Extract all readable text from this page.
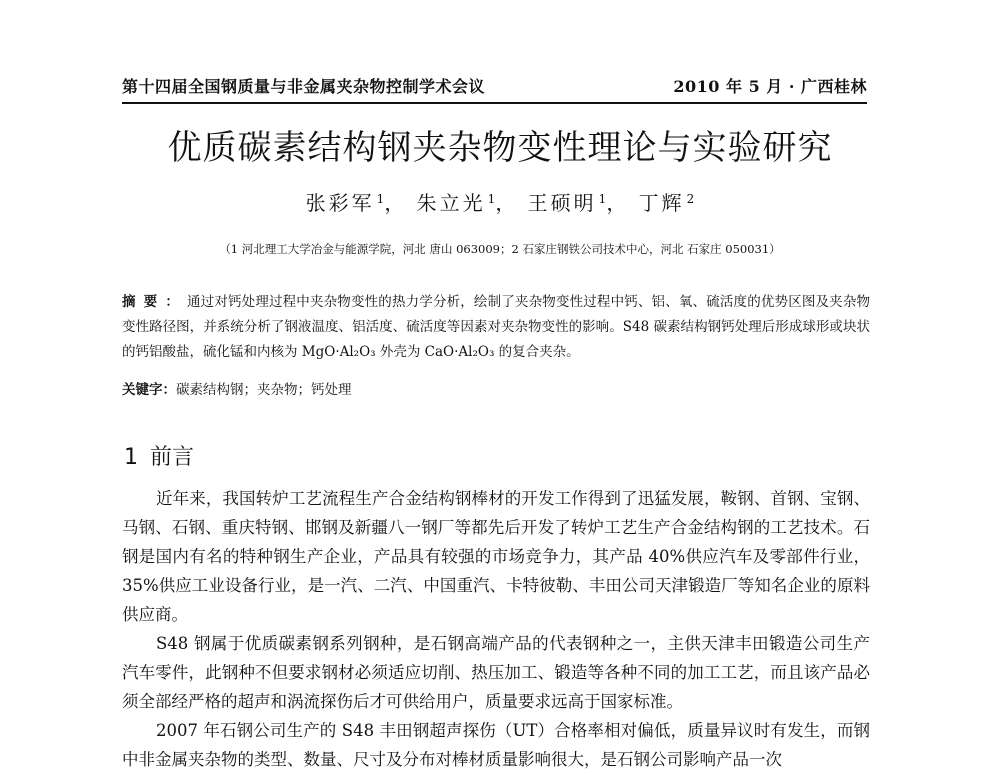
第十四届全国钢质量与非金属夹杂物控制学术会议	2010 年 5 月 · 广西桂林
优质碳素结构钢夹杂物变性理论与实验研究
张彩军 $^1$， 朱立光 $^1$， 王硕明 $^1$， 丁辉 $^2$
（1 河北理工大学冶金与能源学院，河北 唐山 063009；2 石家庄钢铁公司技术中心，河北 石家庄 050031）
摘要：通过对钙处理过程中夹杂物变性的热力学分析，绘制了夹杂物变性过程中钙、铝、氧、硫活度的优势区图及夹杂物变性路径图，并系统分析了钢液温度、铝活度、硫活度等因素对夹杂物变性的影响。S48 碳素结构钢钙处理后形成球形或块状的钙铝酸盐，硫化锰和内核为 MgO·Al₂O₃ 外壳为 CaO·Al₂O₃ 的复合夹杂。
关键字：碳素结构钢；夹杂物；钙处理
1 前言

近年来，我国转炉工艺流程生产合金结构钢棒材的开发工作得到了迅猛发展，鞍钢、首钢、宝钢、马钢、石钢、重庆特钢、邯钢及新疆八一钢厂等都先后开发了转炉工艺生产合金结构钢的工艺技术。石钢是国内有名的特种钢生产企业，产品具有较强的市场竞争力，其产品 40%供应汽车及零部件行业，35%供应工业设备行业，是一汽、二汽、中国重汽、卡特彼勒、丰田公司天津锻造厂等知名企业的原料供应商。

S48 钢属于优质碳素钢系列钢种，是石钢高端产品的代表钢种之一，主供天津丰田锻造公司生产汽车零件，此钢种不但要求钢材必须适应切削、热压加工、锻造等各种不同的加工工艺，而且该产品必须全部经严格的超声和涡流探伤后才可供给用户，质量要求远高于国家标准。

2007 年石钢公司生产的 S48 丰田钢超声探伤（UT）合格率相对偏低，质量异议时有发生，而钢中非金属夹杂物的类型、数量、尺寸及分布对棒材质量影响很大，是石钢公司影响产品一次
